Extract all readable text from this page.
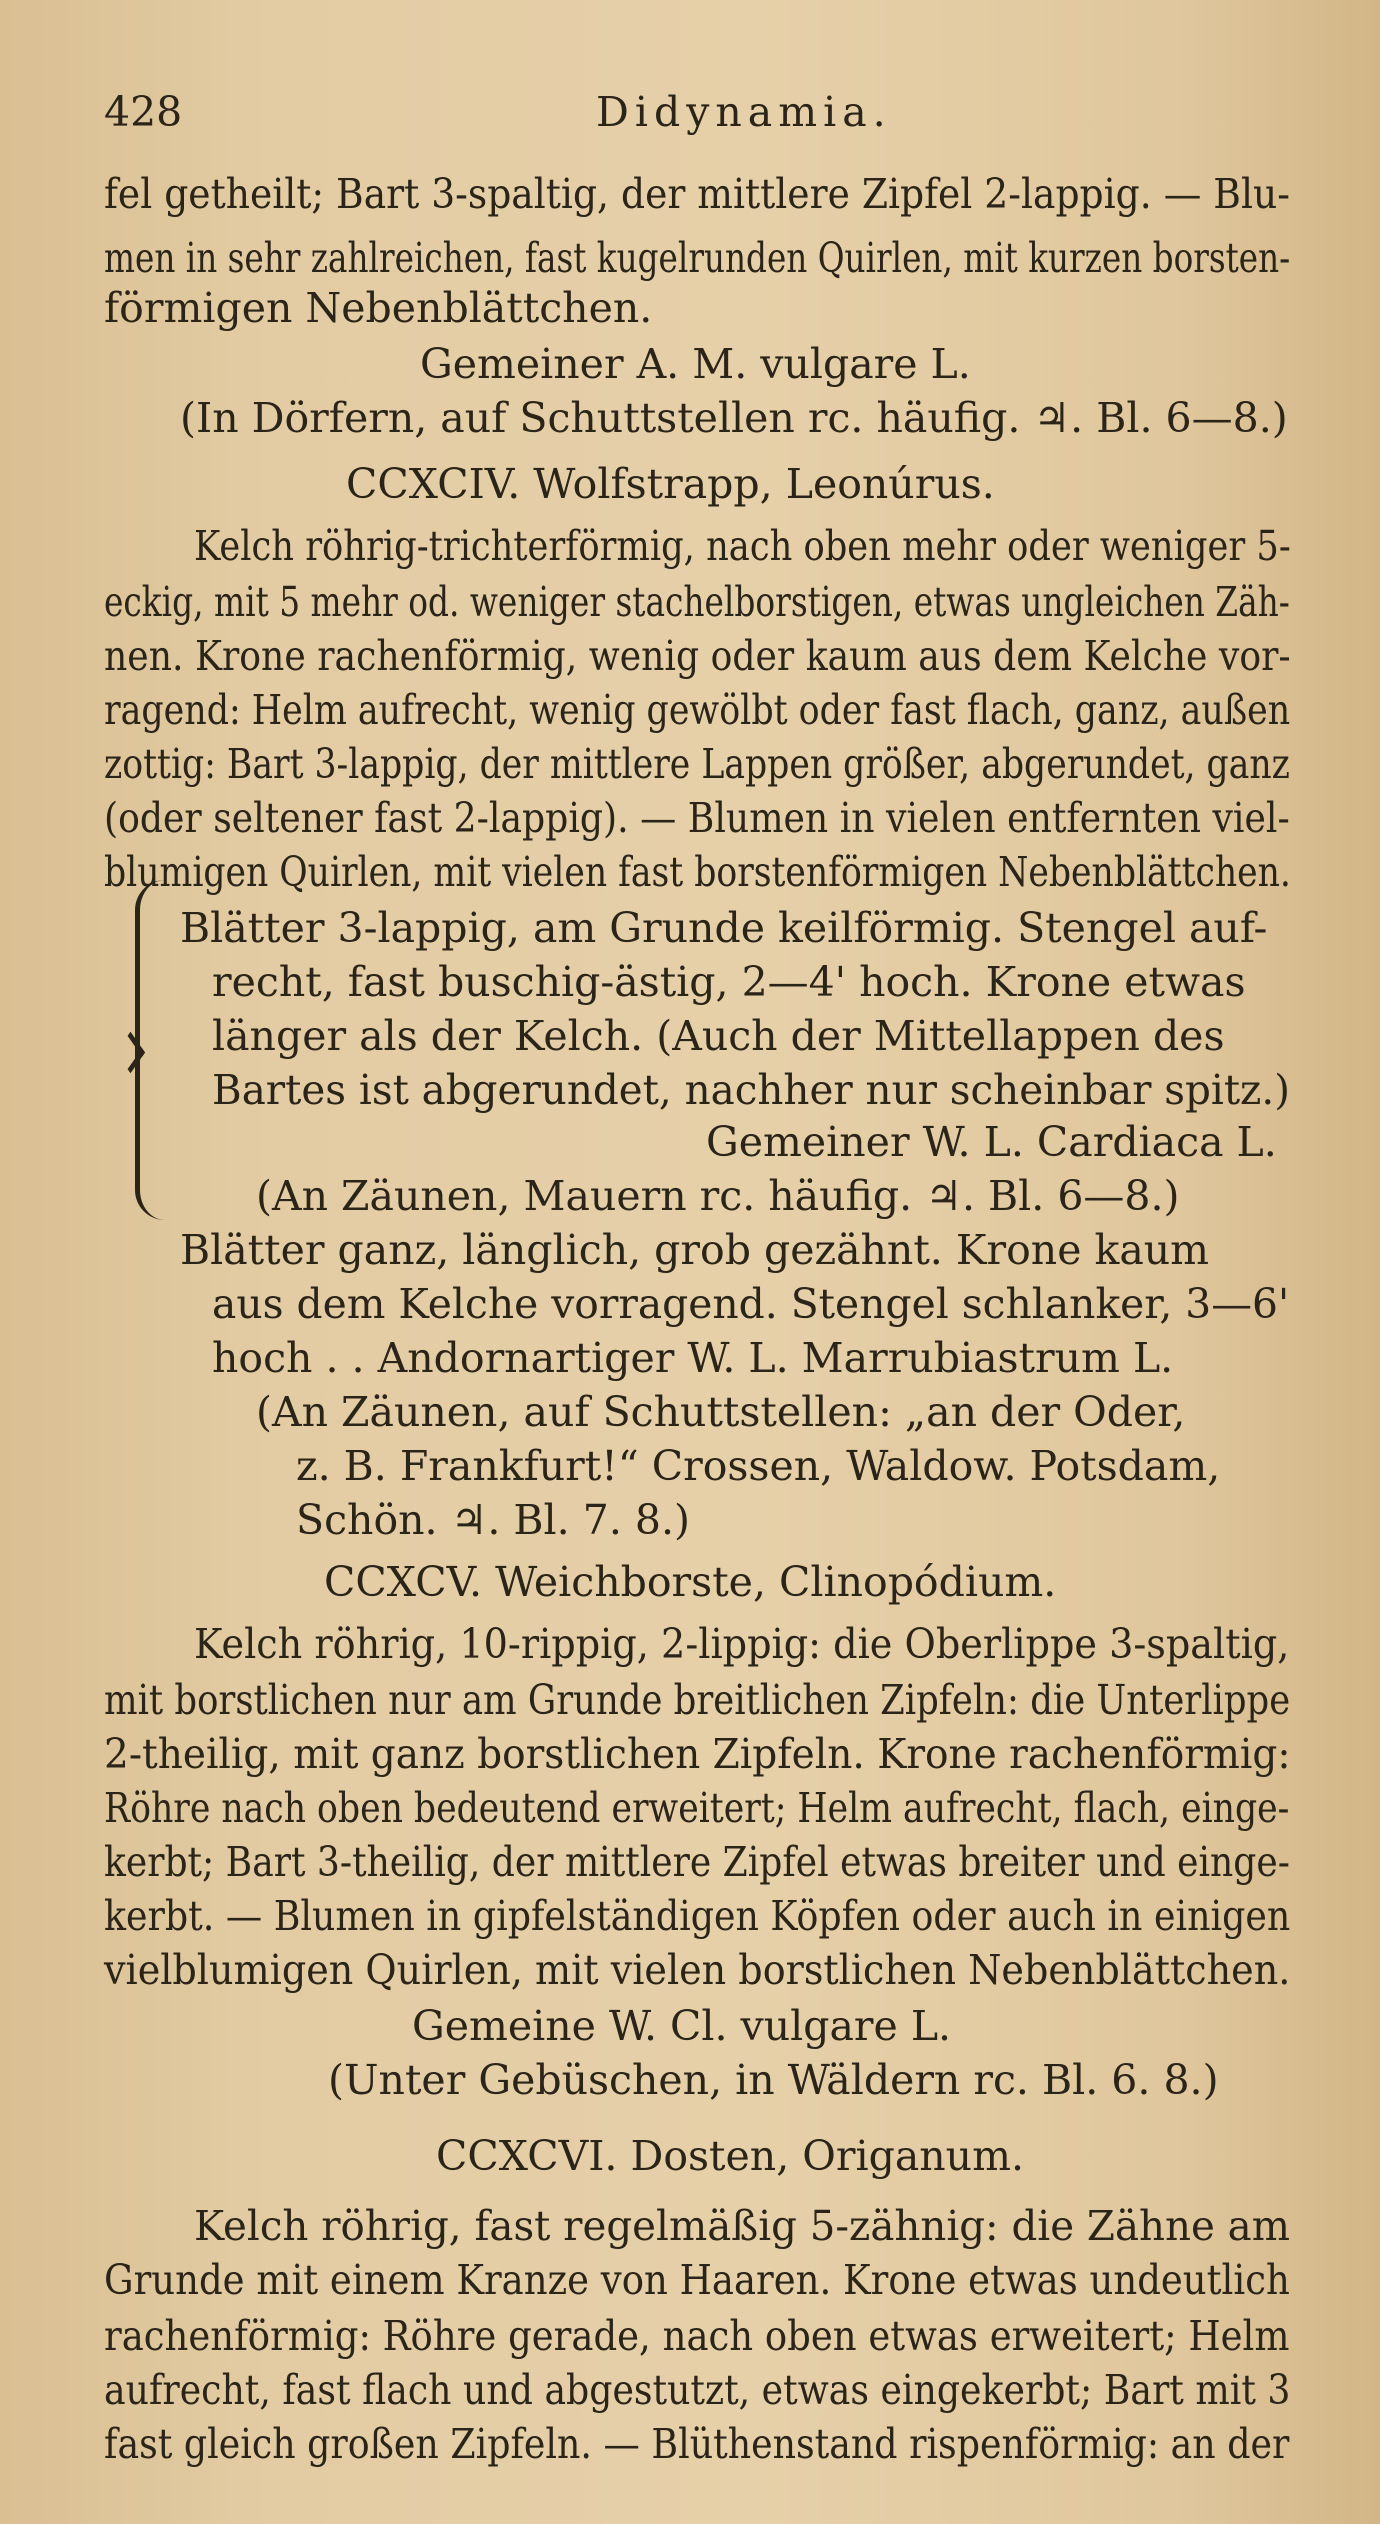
428	Didynamia.
fel getheilt; Bart 3-spaltig, der mittlere Zipfel 2-lappig. — Blu-
men in sehr zahlreichen, fast kugelrunden Quirlen, mit kurzen borsten-
förmigen Nebenblättchen.
Gemeiner A. M. vulgare L.
(In Dörfern, auf Schuttstellen rc. häufig. ♃. Bl. 6—8.)
CCXCIV. Wolfstrapp, Leonúrus.
Kelch röhrig-trichterförmig, nach oben mehr oder weniger 5-
eckig, mit 5 mehr od. weniger stachelborstigen, etwas ungleichen Zäh-
nen. Krone rachenförmig, wenig oder kaum aus dem Kelche vor-
ragend: Helm aufrecht, wenig gewölbt oder fast flach, ganz, außen
zottig: Bart 3-lappig, der mittlere Lappen größer, abgerundet, ganz
(oder seltener fast 2-lappig). — Blumen in vielen entfernten viel-
blumigen Quirlen, mit vielen fast borstenförmigen Nebenblättchen.
Blätter 3-lappig, am Grunde keilförmig. Stengel auf-
recht, fast buschig-ästig, 2—4' hoch. Krone etwas
länger als der Kelch. (Auch der Mittellappen des
Bartes ist abgerundet, nachher nur scheinbar spitz.)
Gemeiner W. L. Cardiaca L.
(An Zäunen, Mauern rc. häufig. ♃. Bl. 6—8.)
Blätter ganz, länglich, grob gezähnt. Krone kaum
aus dem Kelche vorragend. Stengel schlanker, 3—6'
hoch . . Andornartiger W. L. Marrubiastrum L.
(An Zäunen, auf Schuttstellen: „an der Oder,
z. B. Frankfurt!“ Crossen, Waldow. Potsdam,
Schön. ♃. Bl. 7. 8.)
CCXCV. Weichborste, Clinopódium.
Kelch röhrig, 10-rippig, 2-lippig: die Oberlippe 3-spaltig,
mit borstlichen nur am Grunde breitlichen Zipfeln: die Unterlippe
2-theilig, mit ganz borstlichen Zipfeln. Krone rachenförmig:
Röhre nach oben bedeutend erweitert; Helm aufrecht, flach, einge-
kerbt; Bart 3-theilig, der mittlere Zipfel etwas breiter und einge-
kerbt. — Blumen in gipfelständigen Köpfen oder auch in einigen
vielblumigen Quirlen, mit vielen borstlichen Nebenblättchen.
Gemeine W. Cl. vulgare L.
(Unter Gebüschen, in Wäldern rc. Bl. 6. 8.)
CCXCVI. Dosten, Origanum.
Kelch röhrig, fast regelmäßig 5-zähnig: die Zähne am
Grunde mit einem Kranze von Haaren. Krone etwas undeutlich
rachenförmig: Röhre gerade, nach oben etwas erweitert; Helm
aufrecht, fast flach und abgestutzt, etwas eingekerbt; Bart mit 3
fast gleich großen Zipfeln. — Blüthenstand rispenförmig: an der
